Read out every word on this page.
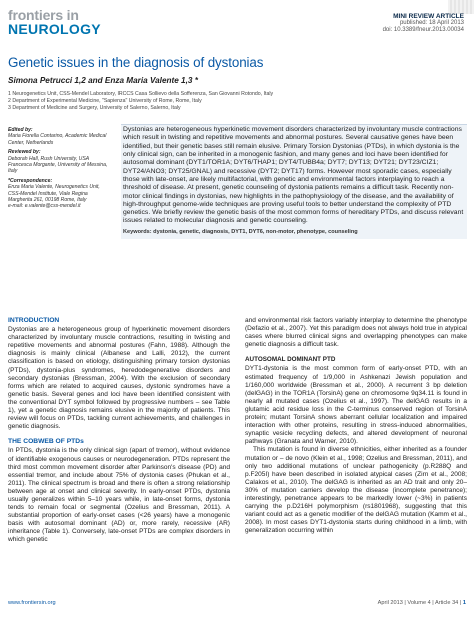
frontiers in
NEUROLOGY
MINI REVIEW ARTICLE
published: 18 April 2013
doi: 10.3389/fneur.2013.00034
Genetic issues in the diagnosis of dystonias
Simona Petrucci 1,2 and Enza Maria Valente 1,3 *
1 Neurogenetics Unit, CSS-Mendel Laboratory, IRCCS Casa Sollievo della Sofferenza, San Giovanni Rotondo, Italy
2 Department of Experimental Medicine, "Sapienza" University of Rome, Rome, Italy
3 Department of Medicine and Surgery, University of Salerno, Salerno, Italy
Edited by:
Maria Fiorella Contarino, Academic Medical Center, Netherlands
Reviewed by:
Deborah Hall, Rush University, USA
Francesca Morgante, University of Messina, Italy
*Correspondence:
Enza Maria Valente, Neurogenetics Unit, CSS-Mendel Institute, Viale Regina Margherita 261, 00198 Rome, Italy
e-mail: e.valente@css-mendel.it
Dystonias are heterogeneous hyperkinetic movement disorders characterized by involuntary muscle contractions which result in twisting and repetitive movements and abnormal postures. Several causative genes have been identified, but their genetic bases still remain elusive. Primary Torsion Dystonias (PTDs), in which dystonia is the only clinical sign, can be inherited in a monogenic fashion, and many genes and loci have been identified for autosomal dominant (DYT1/TOR1A; DYT6/THAP1; DYT4/TUBB4a; DYT7; DYT13; DYT21; DYT23/CIZ1; DYT24/ANO3; DYT25/GNAL) and recessive (DYT2; DYT17) forms. However most sporadic cases, especially those with late-onset, are likely multifactorial, with genetic and environmental factors interplaying to reach a threshold of disease. At present, genetic counseling of dystonia patients remains a difficult task. Recently non-motor clinical findings in dystonias, new highlights in the pathophysiology of the disease, and the availability of high-throughput genome-wide techniques are proving useful tools to better understand the complexity of PTD genetics. We briefly review the genetic basis of the most common forms of hereditary PTDs, and discuss relevant issues related to molecular diagnosis and genetic counseling.
Keywords: dystonia, genetic, diagnosis, DYT1, DYT6, non-motor, phenotype, counseling
INTRODUCTION
Dystonias are a heterogeneous group of hyperkinetic movement disorders characterized by involuntary muscle contractions, resulting in twisting and repetitive movements and abnormal postures (Fahn, 1988). Although the diagnosis is mainly clinical (Albanese and Lalli, 2012), the current classification is based on etiology, distinguishing primary torsion dystonias (PTDs), dystonia-plus syndromes, heredodegenerative disorders and secondary dystonias (Bressman, 2004). With the exclusion of secondary forms which are related to acquired causes, dystonic syndromes have a genetic basis. Several genes and loci have been identified consistent with the conventional DYT symbol followed by progressive numbers – see Table 1), yet a genetic diagnosis remains elusive in the majority of patients. This review will focus on PTDs, tackling current achievements, and challenges in genetic diagnosis.
THE COBWEB OF PTDs
In PTDs, dystonia is the only clinical sign (apart of tremor), without evidence of identifiable exogenous causes or neurodegeneration. PTDs represent the third most common movement disorder after Parkinson's disease (PD) and essential tremor, and include about 75% of dystonia cases (Phukan et al., 2011). The clinical spectrum is broad and there is often a strong relationship between age at onset and clinical severity. In early-onset PTDs, dystonia usually generalizes within 5–10 years while, in late-onset forms, dystonia tends to remain focal or segmental (Ozelius and Bressman, 2011). A substantial proportion of early-onset cases (<26 years) have a monogenic basis with autosomal dominant (AD) or, more rarely, recessive (AR) inheritance (Table 1). Conversely, late-onset PTDs are complex disorders in which genetic
and environmental risk factors variably interplay to determine the phenotype (Defazio et al., 2007). Yet this paradigm does not always hold true in atypical cases where blurred clinical signs and overlapping phenotypes can make genetic diagnosis a difficult task.
AUTOSOMAL DOMINANT PTD
DYT1-dystonia is the most common form of early-onset PTD, with an estimated frequency of 1/9,000 in Ashkenazi Jewish population and 1/160,000 worldwide (Bressman et al., 2000). A recurrent 3 bp deletion (delGAG) in the TOR1A (TorsinA) gene on chromosome 9q34.11 is found in nearly all mutated cases (Ozelius et al., 1997). The delGAG results in a glutamic acid residue loss in the C-terminus conserved region of TorsinA protein; mutant TorsinA shows aberrant cellular localization and impaired interaction with other proteins, resulting in stress-induced abnormalities, synaptic vesicle recycling defects, and altered development of neuronal pathways (Granata and Warner, 2010).
This mutation is found in diverse ethnicities, either inherited as a founder mutation or – de novo (Klein et al., 1998; Ozelius and Bressman, 2011), and only two additional mutations of unclear pathogenicity (p.R288Q and p.F205I) have been described in isolated atypical cases (Zirn et al., 2008; Calakos et al., 2010). The delGAG is inherited as an AD trait and only 20–30% of mutation carriers develop the disease (incomplete penetrance); interestingly, penetrance appears to be markedly lower (~3%) in patients carrying the p.D216H polymorphism (rs1801968), suggesting that this variant could act as a genetic modifier of the delGAG mutation (Kamm et al., 2008). In most cases DYT1-dystonia starts during childhood in a limb, with generalization occurring within
www.frontiersin.org	April 2013 | Volume 4 | Article 34 | 1
